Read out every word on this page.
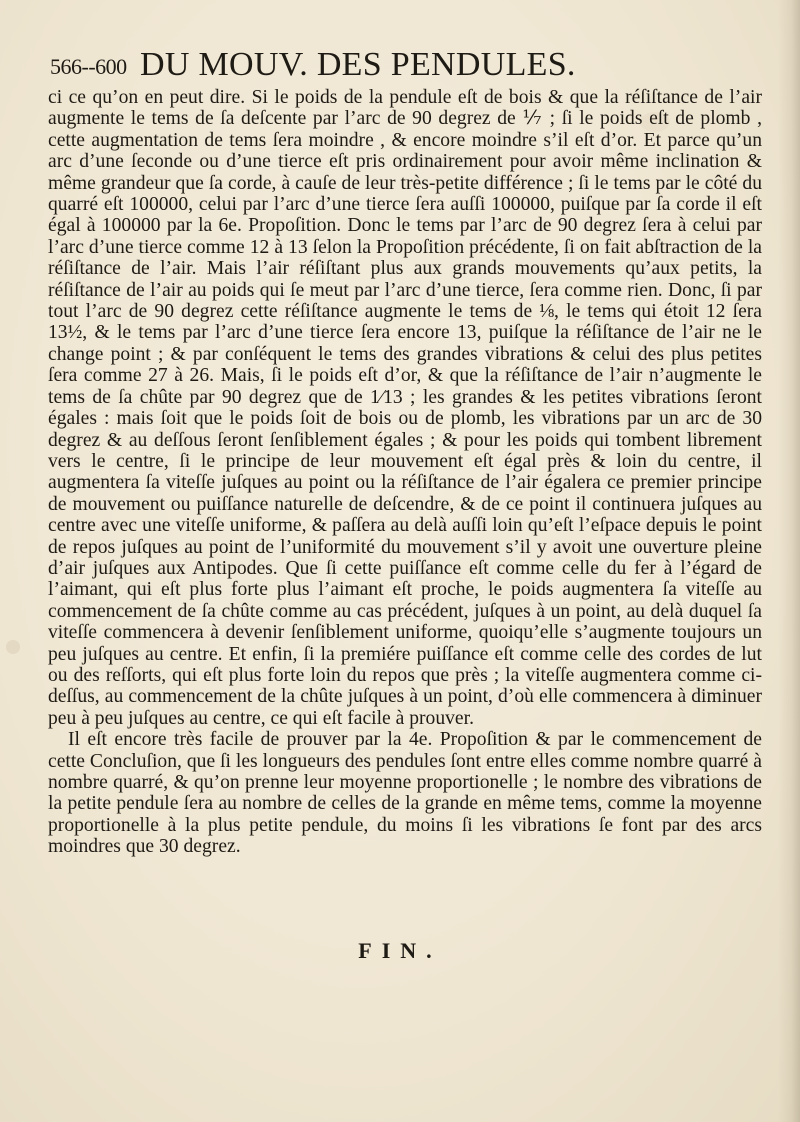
566--600 DU MOUV. DES PENDULES.

ci ce qu’on en peut dire. Si le poids de la pendule eſt de bois & que la réſiſtance de l’air augmente le tems de ſa deſcente par l’arc de 90 degrez de ⅐ ; ſi le poids eſt de plomb , cette augmentation de tems ſera moindre , & encore moindre s’il eſt d’or. Et parce qu’un arc d’une ſeconde ou d’une tierce eſt pris ordinairement pour avoir même inclination & même grandeur que ſa corde, à cauſe de leur très-petite différence ; ſi le tems par le côté du quarré eſt 100000, celui par l’arc d’une tierce ſera auſſi 100000, puiſque par ſa corde il eſt égal à 100000 par la 6e. Propoſition. Donc le tems par l’arc de 90 degrez ſera à celui par l’arc d’une tierce comme 12 à 13 ſelon la Propoſition précédente, ſi on fait abſtraction de la réſiſtance de l’air. Mais l’air réſiſtant plus aux grands mouvements qu’aux petits, la réſiſtance de l’air au poids qui ſe meut par l’arc d’une tierce, ſera comme rien. Donc, ſi par tout l’arc de 90 degrez cette réſiſtance augmente le tems de ⅛, le tems qui étoit 12 ſera 13½, & le tems par l’arc d’une tierce ſera encore 13, puiſque la réſiſtance de l’air ne le change point ; & par conſéquent le tems des grandes vibrations & celui des plus petites ſera comme 27 à 26. Mais, ſi le poids eſt d’or, & que la réſiſtance de l’air n’augmente le tems de ſa chûte par 90 degrez que de 1⁄13 ; les grandes & les petites vibrations ſeront égales : mais ſoit que le poids ſoit de bois ou de plomb, les vibrations par un arc de 30 degrez & au deſſous ſeront ſenſiblement égales ; & pour les poids qui tombent librement vers le centre, ſi le principe de leur mouvement eſt égal près & loin du centre, il augmentera ſa viteſſe juſques au point ou la réſiſtance de l’air égalera ce premier principe de mouvement ou puiſſance naturelle de deſcendre, & de ce point il continuera juſques au centre avec une viteſſe uniforme, & paſſera au delà auſſi loin qu’eſt l’eſpace depuis le point de repos juſques au point de l’uniformité du mouvement s’il y avoit une ouverture pleine d’air juſques aux Antipodes. Que ſi cette puiſſance eſt comme celle du fer à l’égard de l’aimant, qui eſt plus forte plus l’aimant eſt proche, le poids augmentera ſa viteſſe au commencement de ſa chûte comme au cas précédent, juſques à un point, au delà duquel ſa viteſſe commencera à devenir ſenſiblement uniforme, quoiqu’elle s’augmente toujours un peu juſques au centre. Et enfin, ſi la premiére puiſſance eſt comme celle des cordes de lut ou des reſſorts, qui eſt plus forte loin du repos que près ; la viteſſe augmentera comme ci-deſſus, au commencement de la chûte juſques à un point, d’où elle commencera à diminuer peu à peu juſques au centre, ce qui eſt facile à prouver.

Il eſt encore très facile de prouver par la 4e. Propoſition & par le commencement de cette Concluſion, que ſi les longueurs des pendules ſont entre elles comme nombre quarré à nombre quarré, & qu’on prenne leur moyenne proportionelle ; le nombre des vibrations de la petite pendule ſera au nombre de celles de la grande en même tems, comme la moyenne proportionelle à la plus petite pendule, du moins ſi les vibrations ſe font par des arcs moindres que 30 degrez.

FIN.
